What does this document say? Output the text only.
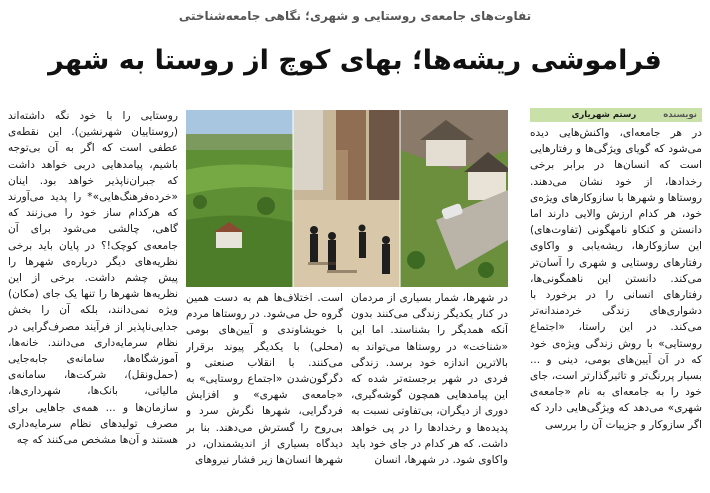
تفاوت‌های جامعه‌ی روستایی و شهری؛ نگاهی جامعه‌شناختی
فراموشی ریشه‌ها؛ بهای کوچ از روستا به شهر
نویسنده رستم شهریاری

در هر جامعه‌ای، واکنش‌هایی دیده می‌شود که گویای ویژگی‌ها و رفتارهایی است که انسان‌ها در برابر برخی رخدادها، از خود نشان می‌دهند. روستاها و شهرها با سازوکارهای ویژه‌ی خود، هر کدام ارزش والایی دارند اما دانستن و کنکاو نامهگونی (تفاوت‌های) این سازوکارها، ریشه‌یابی و واکاوی رفتارهای روستایی و شهری را آسان‌تر می‌کند. دانستن این ناهمگونی‌ها، رفتارهای انسانی را در برخورد با دشواری‌های زندگی خردمندانه‌تر می‌کند. در این راستا، «اجتماع روستایی» با روش زندگی ویژه‌ی خود که در آن آیین‌های بومی، دینی و ... بسیار پررنگ‌تر و تاثیرگذارتر است، جای خود را به جامعه‌ای به نام «جامعه‌ی شهری» می‌دهد که ویژگی‌هایی دارد که اگر سازوکار و جزییات آن را بررسی

در شهرها، شمار بسیاری از مردمان در کنار یکدیگر زندگی می‌کنند بدون آنکه همدیگر را بشناسند. اما این «شناخت» در روستاها می‌تواند به بالاترین اندازه خود برسد. زندگی فردی در شهر برجسته‌تر شده که این پیامدهایی همچون گوشه‌گیری، دوری از دیگران، بی‌تفاوتی نسبت به پدیده‌ها و رخدادها را در پی خواهد داشت. که هر کدام در جای خود باید واکاوی شود. در شهرها، انسان

است. اختلاف‌ها هم به دست همین گروه حل می‌شود. در روستاها مردم با خویشاوندی و آیین‌های بومی (محلی) با یکدیگر پیوند برقرار می‌کنند. با انقلاب صنعتی و دگرگون‌شدن «اجتماع روستایی» به «جامعه‌ی شهری» و افزایش فردگرایی، شهرها نگرش سرد و بی‌روح را گسترش می‌دهند. بنا بر دیدگاه بسیاری از اندیشمندان، در شهرها انسان‌ها زیر فشار نیروهای

روستایی را با خود نگه داشته‌اند (روستاییان شهرنشین). این نقطه‌ی عطفی است که اگر به آن بی‌توجه باشیم، پیامدهایی دربی خواهد داشت که جبران‌ناپذیر خواهد بود. اینان «خرده‌فرهنگ‌هایی»* را پدید می‌آورند که هرکدام ساز خود را می‌زنند که گاهی، چالشی می‌شود برای آن جامعه‌ی کوچک!؟ در پایان باید برخی نظریه‌های دیگر درباره‌ی شهرها را پیش چشم داشت. برخی از این نظریه‌ها شهرها را تنها یک جای (مکان) ویژه نمی‌دانند، بلکه آن را بخش جدایی‌ناپذیر از فرآیند مصرف‌گرایی در نظام سرمایه‌داری می‌دانند. خانه‌ها، آموزشگاه‌ها، سامانه‌ی جابه‌جایی (حمل‌ونقل)، شرکت‌ها، سامانه‌ی مالیاتی، بانک‌ها، شهرداری‌ها، سازمان‌ها و ... همه‌ی جاهایی برای مصرف تولیدهای نظام سرمایه‌داری هستند و آن‌ها مشخص می‌کنند که چه
